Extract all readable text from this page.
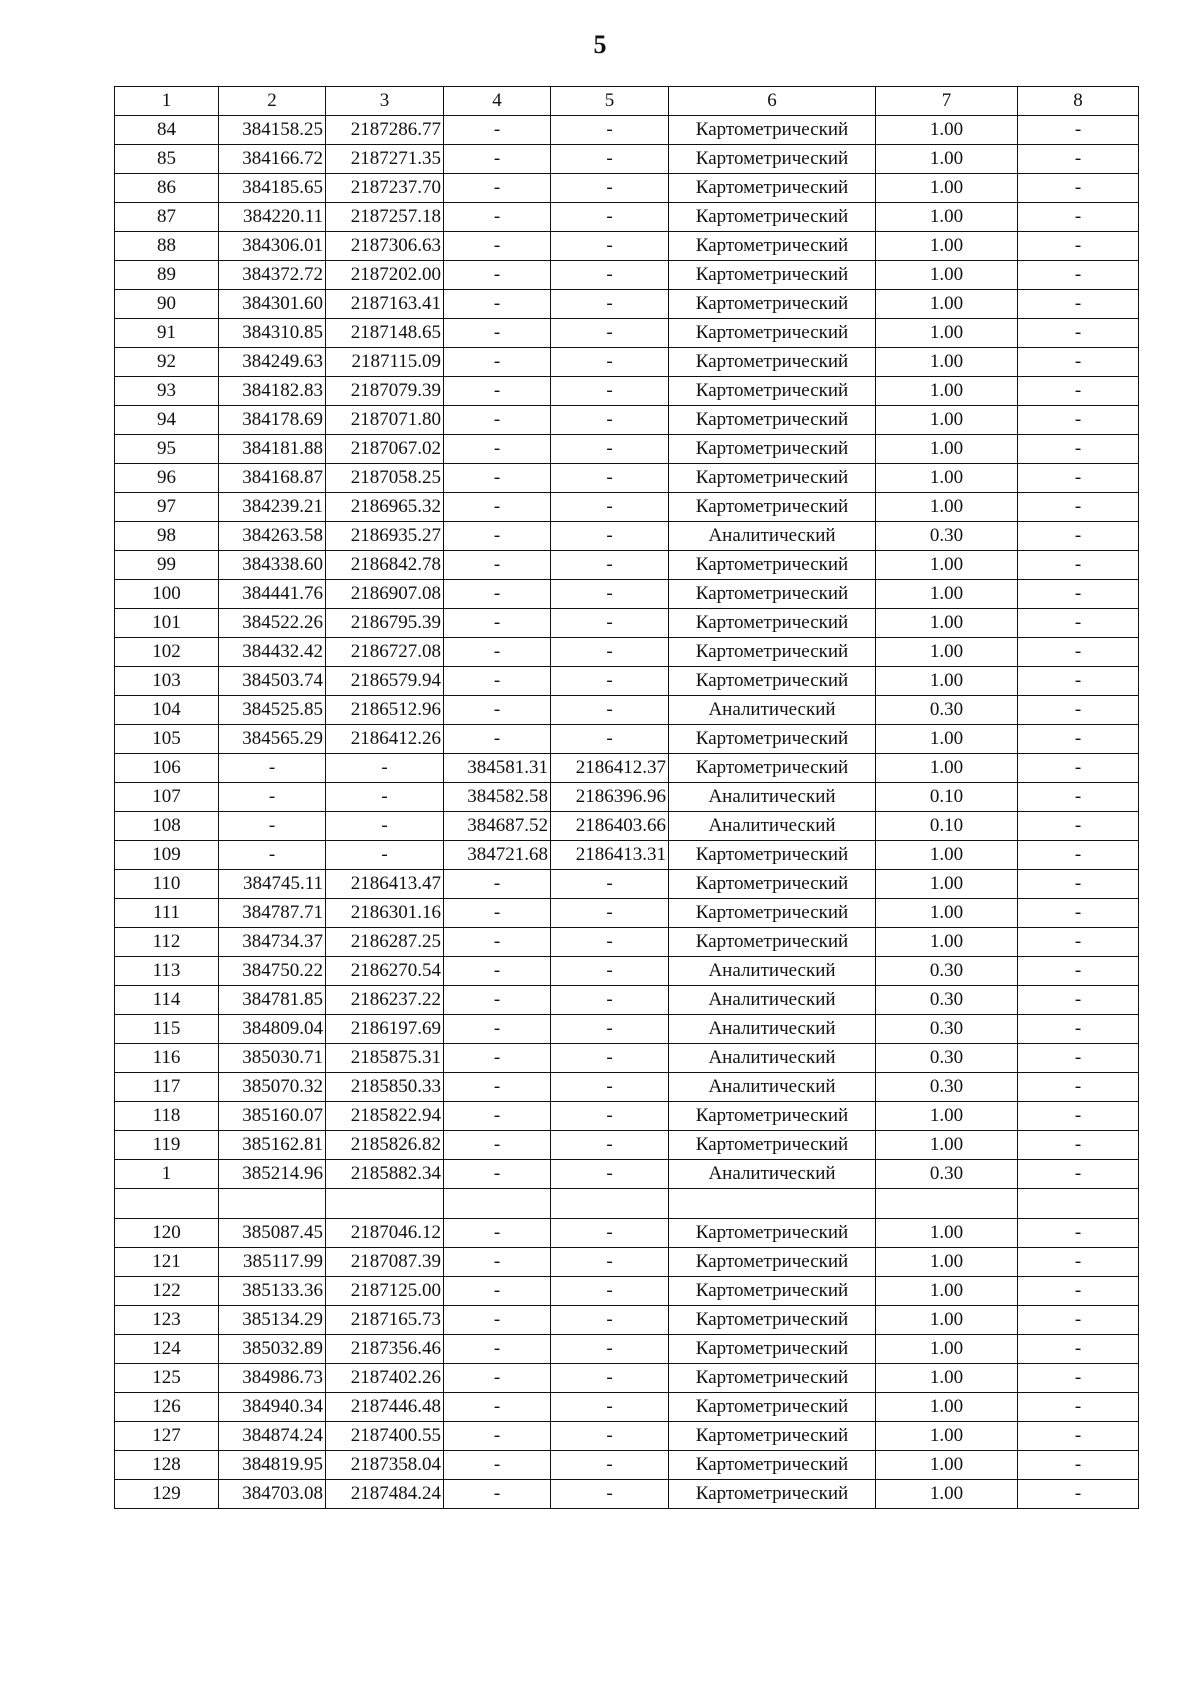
5
1	2	3	4	5	6	7	8
84	384158.25	2187286.77	-	-	Картометрический	1.00	-
85	384166.72	2187271.35	-	-	Картометрический	1.00	-
86	384185.65	2187237.70	-	-	Картометрический	1.00	-
87	384220.11	2187257.18	-	-	Картометрический	1.00	-
88	384306.01	2187306.63	-	-	Картометрический	1.00	-
89	384372.72	2187202.00	-	-	Картометрический	1.00	-
90	384301.60	2187163.41	-	-	Картометрический	1.00	-
91	384310.85	2187148.65	-	-	Картометрический	1.00	-
92	384249.63	2187115.09	-	-	Картометрический	1.00	-
93	384182.83	2187079.39	-	-	Картометрический	1.00	-
94	384178.69	2187071.80	-	-	Картометрический	1.00	-
95	384181.88	2187067.02	-	-	Картометрический	1.00	-
96	384168.87	2187058.25	-	-	Картометрический	1.00	-
97	384239.21	2186965.32	-	-	Картометрический	1.00	-
98	384263.58	2186935.27	-	-	Аналитический	0.30	-
99	384338.60	2186842.78	-	-	Картометрический	1.00	-
100	384441.76	2186907.08	-	-	Картометрический	1.00	-
101	384522.26	2186795.39	-	-	Картометрический	1.00	-
102	384432.42	2186727.08	-	-	Картометрический	1.00	-
103	384503.74	2186579.94	-	-	Картометрический	1.00	-
104	384525.85	2186512.96	-	-	Аналитический	0.30	-
105	384565.29	2186412.26	-	-	Картометрический	1.00	-
106	-	-	384581.31	2186412.37	Картометрический	1.00	-
107	-	-	384582.58	2186396.96	Аналитический	0.10	-
108	-	-	384687.52	2186403.66	Аналитический	0.10	-
109	-	-	384721.68	2186413.31	Картометрический	1.00	-
110	384745.11	2186413.47	-	-	Картометрический	1.00	-
111	384787.71	2186301.16	-	-	Картометрический	1.00	-
112	384734.37	2186287.25	-	-	Картометрический	1.00	-
113	384750.22	2186270.54	-	-	Аналитический	0.30	-
114	384781.85	2186237.22	-	-	Аналитический	0.30	-
115	384809.04	2186197.69	-	-	Аналитический	0.30	-
116	385030.71	2185875.31	-	-	Аналитический	0.30	-
117	385070.32	2185850.33	-	-	Аналитический	0.30	-
118	385160.07	2185822.94	-	-	Картометрический	1.00	-
119	385162.81	2185826.82	-	-	Картометрический	1.00	-
1	385214.96	2185882.34	-	-	Аналитический	0.30	-

120	385087.45	2187046.12	-	-	Картометрический	1.00	-
121	385117.99	2187087.39	-	-	Картометрический	1.00	-
122	385133.36	2187125.00	-	-	Картометрический	1.00	-
123	385134.29	2187165.73	-	-	Картометрический	1.00	-
124	385032.89	2187356.46	-	-	Картометрический	1.00	-
125	384986.73	2187402.26	-	-	Картометрический	1.00	-
126	384940.34	2187446.48	-	-	Картометрический	1.00	-
127	384874.24	2187400.55	-	-	Картометрический	1.00	-
128	384819.95	2187358.04	-	-	Картометрический	1.00	-
129	384703.08	2187484.24	-	-	Картометрический	1.00	-
